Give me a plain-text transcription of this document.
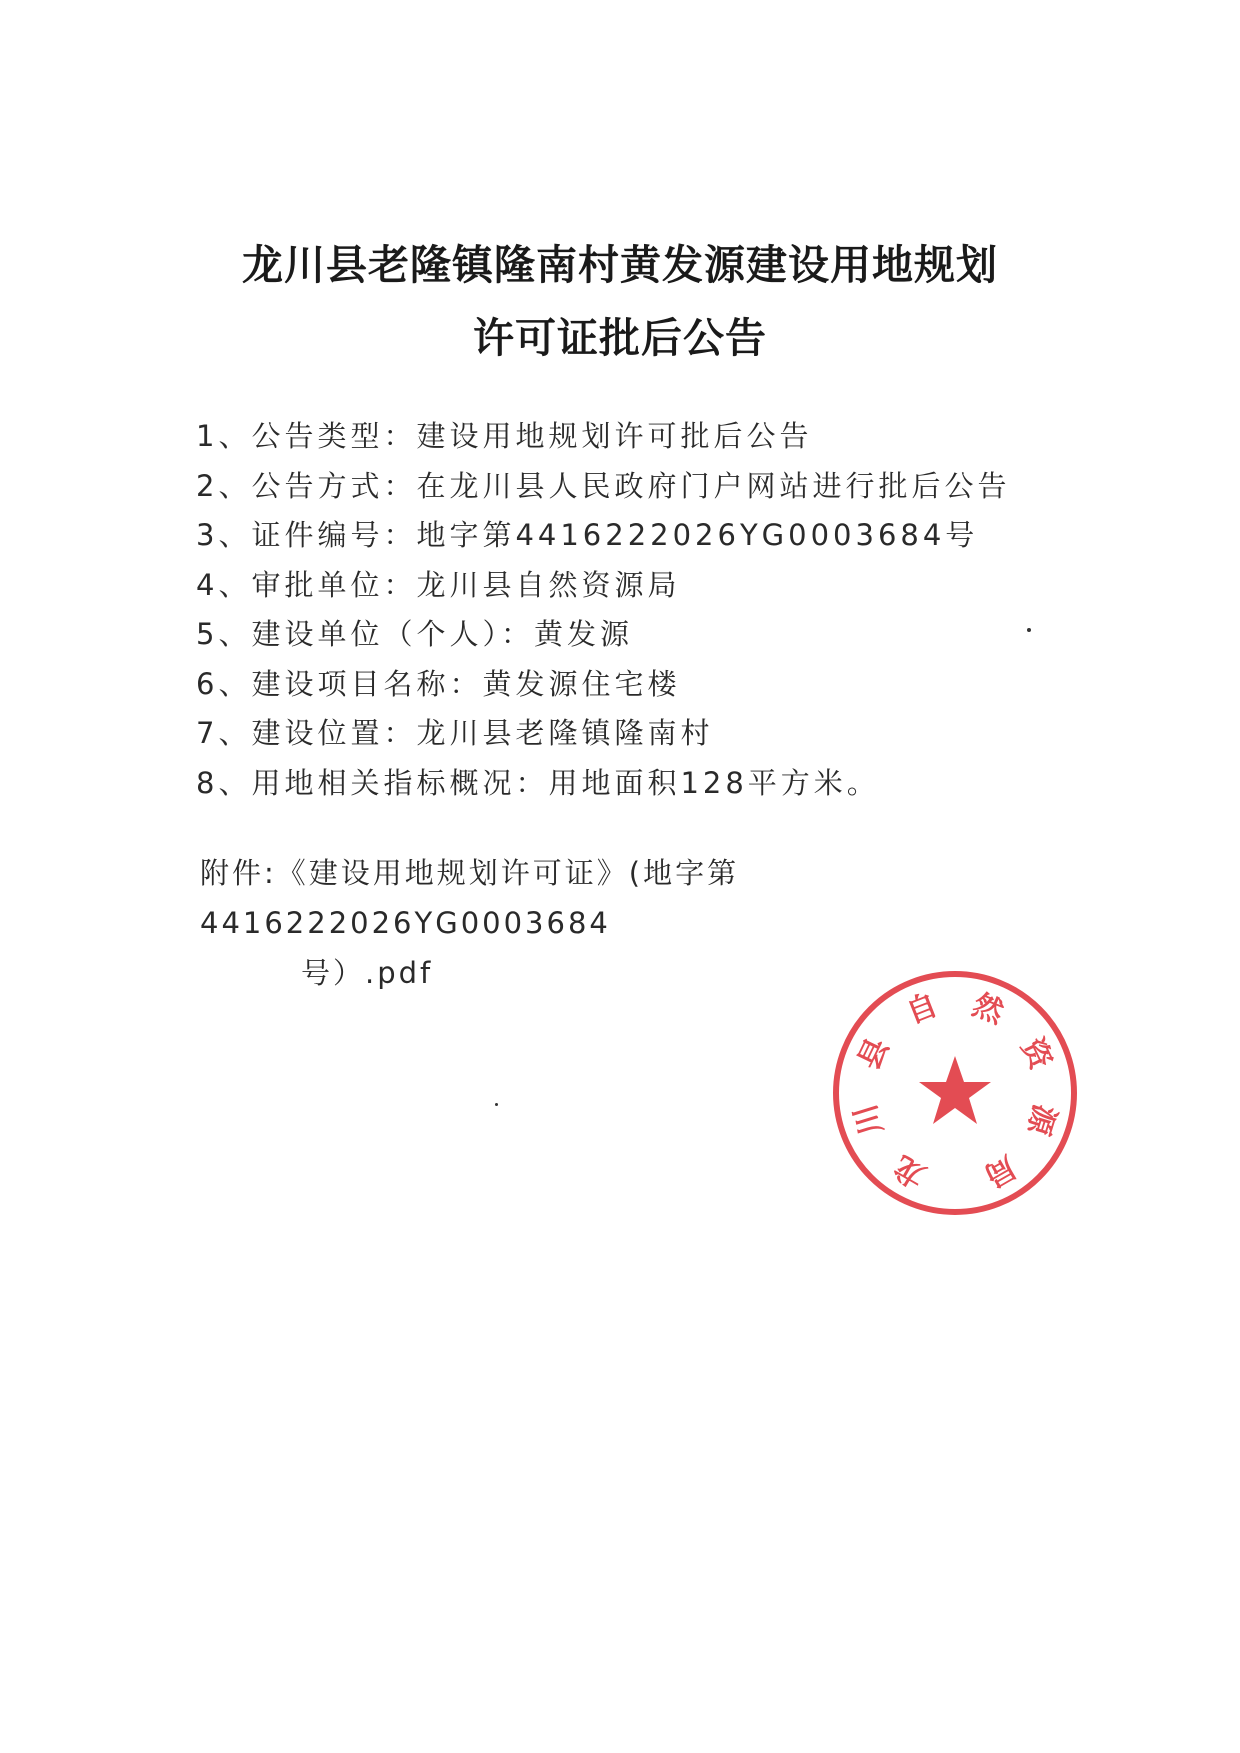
龙川县老隆镇隆南村黄发源建设用地规划
许可证批后公告
1、公告类型：建设用地规划许可批后公告
2、公告方式：在龙川县人民政府门户网站进行批后公告
3、证件编号：地字第4416222026YG0003684号
4、审批单位：龙川县自然资源局
5、建设单位（个人）：黄发源
6、建设项目名称：黄发源住宅楼
7、建设位置：龙川县老隆镇隆南村
8、用地相关指标概况：用地面积128平方米。
附件:《建设用地规划许可证》(地字第4416222026YG0003684
号）.pdf
龙
川
县
自 然
资
源
局
